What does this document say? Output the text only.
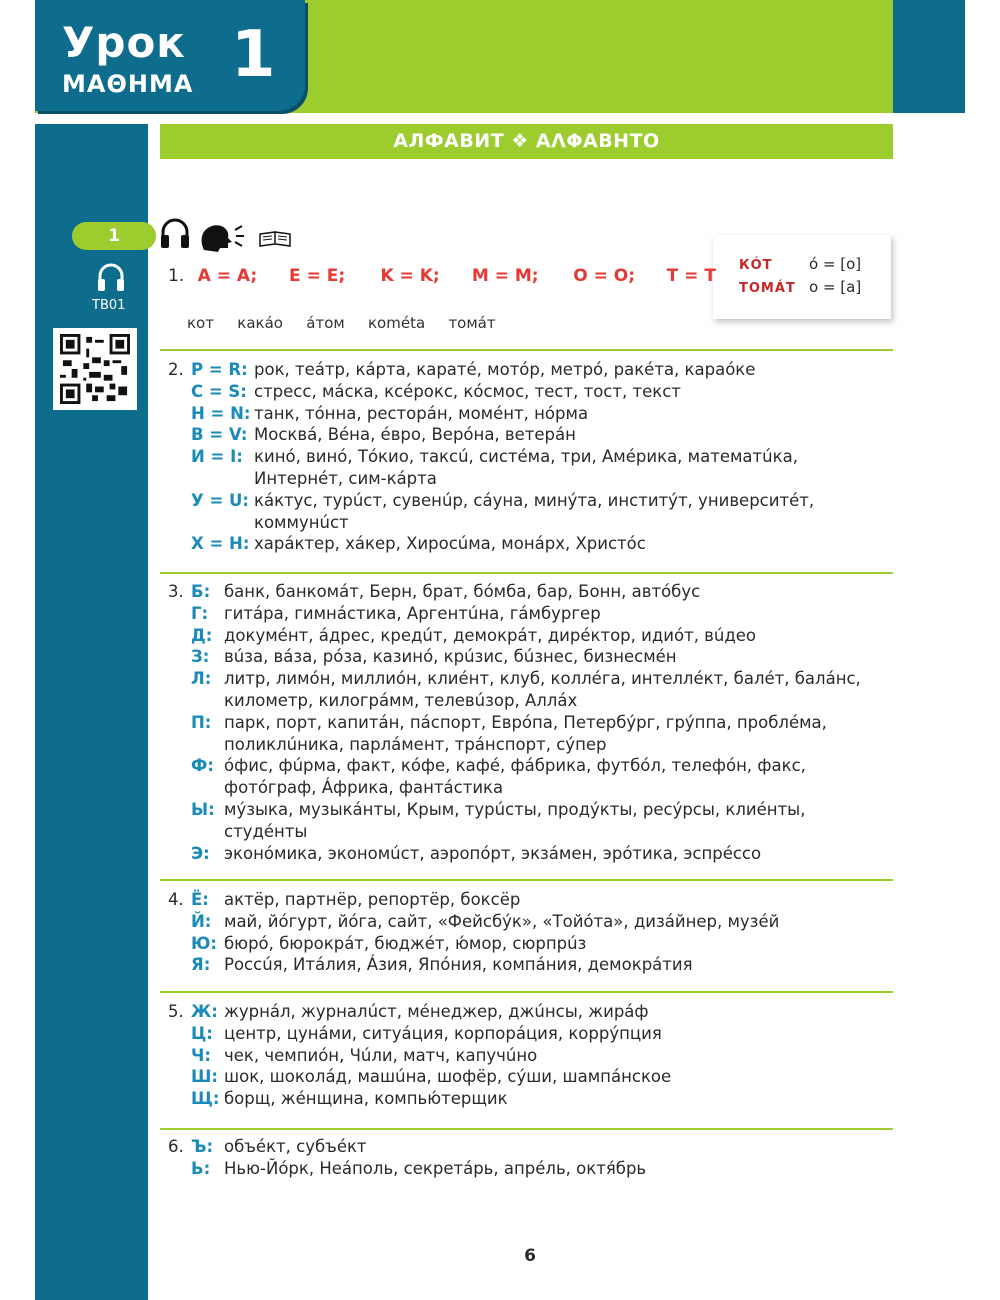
Урок
ΜΑΘΗΜΑ 1
1
TB01
АЛФАВИТ ❖ ΑΛΦΑΒΗΤΟ
КÓТ ó = [o]
ТОМÁТ o = [a]
1. A = A; E = E; K = K; M = M; O = O; T = T
кот   какáо   áтом   кométа   томáт
2. P = R: рок, теáтр, кáрта, каратé, мотóр, метрó, ракéта, караóке
C = S: стресс, мáска, ксéрокс, кóсмос, тест, тост, текст
H = N: танк, тóнна, ресторáн, момéнт, нóрма
B = V: Москвá, Вéна, éвро, Верóна, ветерáн
И = I: кинó, винó, Тóкио, таксú, систéма, три, Амéрика, математúка,
Интернéт, сим-кáрта
У = U: кáктус, турúст, сувенúр, сáуна, минýта, институ́т, университéт,
коммунúст
X = H: харáктер, хáкер, Хиросúма, монáрх, Христóс
3. Б: банк, банкомáт, Берн, брат, бóмба, бар, Бонн, автóбус
Г: гитáра, гимнáстика, Аргентúна, гáмбургер
Д: докумéнт, áдрес, кредúт, демокрáт, дирéктор, идиóт, вúдео
З: вúза, вáза, рóза, казинó, крúзис, бúзнес, бизнесмéн
Л: литр, лимóн, миллиóн, клиéнт, клуб, коллéга, интеллéкт, балéт, балáнс,
километр, килогрáмм, телевúзор, Аллáх
П: парк, порт, капитáн, пáспорт, Еврóпа, Петербу́рг, грýппа, проблéма,
поликлúника, парлáмент, трáнспорт, сýпер
Ф: óфис, фúрма, факт, кóфе, кафé, фáбрика, футбóл, телефóн, факс,
фотóграф, Áфрика, фантáстика
Ы: мýзыка, музыкáнты, Крым, турúсты, продýкты, ресýрсы, клиéнты,
студéнты
Э: эконóмика, экономúст, аэропóрт, экзáмен, эрóтика, эспрéссо
4. Ë: актёр, партнёр, репортёр, боксёр
Й: май, йóгурт, йóга, сайт, «Фейсбу́к», «Тойóта», дизáйнер, музéй
Ю: бюрó, бюрокрáт, бюджéт, ю́мор, сюрпрúз
Я: Россúя, Итáлия, Áзия, Япóния, компáния, демокрáтия
5. Ж: журнáл, журналúст, мéнеджер, джúнсы, жирáф
Ц: центр, цунáми, ситуáция, корпорáция, коррýпция
Ч: чек, чемпиóн, Чúли, матч, капучúно
Ш: шок, шоколáд, машúна, шофёр, сýши, шампáнское
Щ: борщ, жéнщина, компью́терщик
6. Ъ: объéкт, субъéкт
Ь: Нью-Йóрк, Неáполь, секретáрь, апрéль, октя́брь
6
